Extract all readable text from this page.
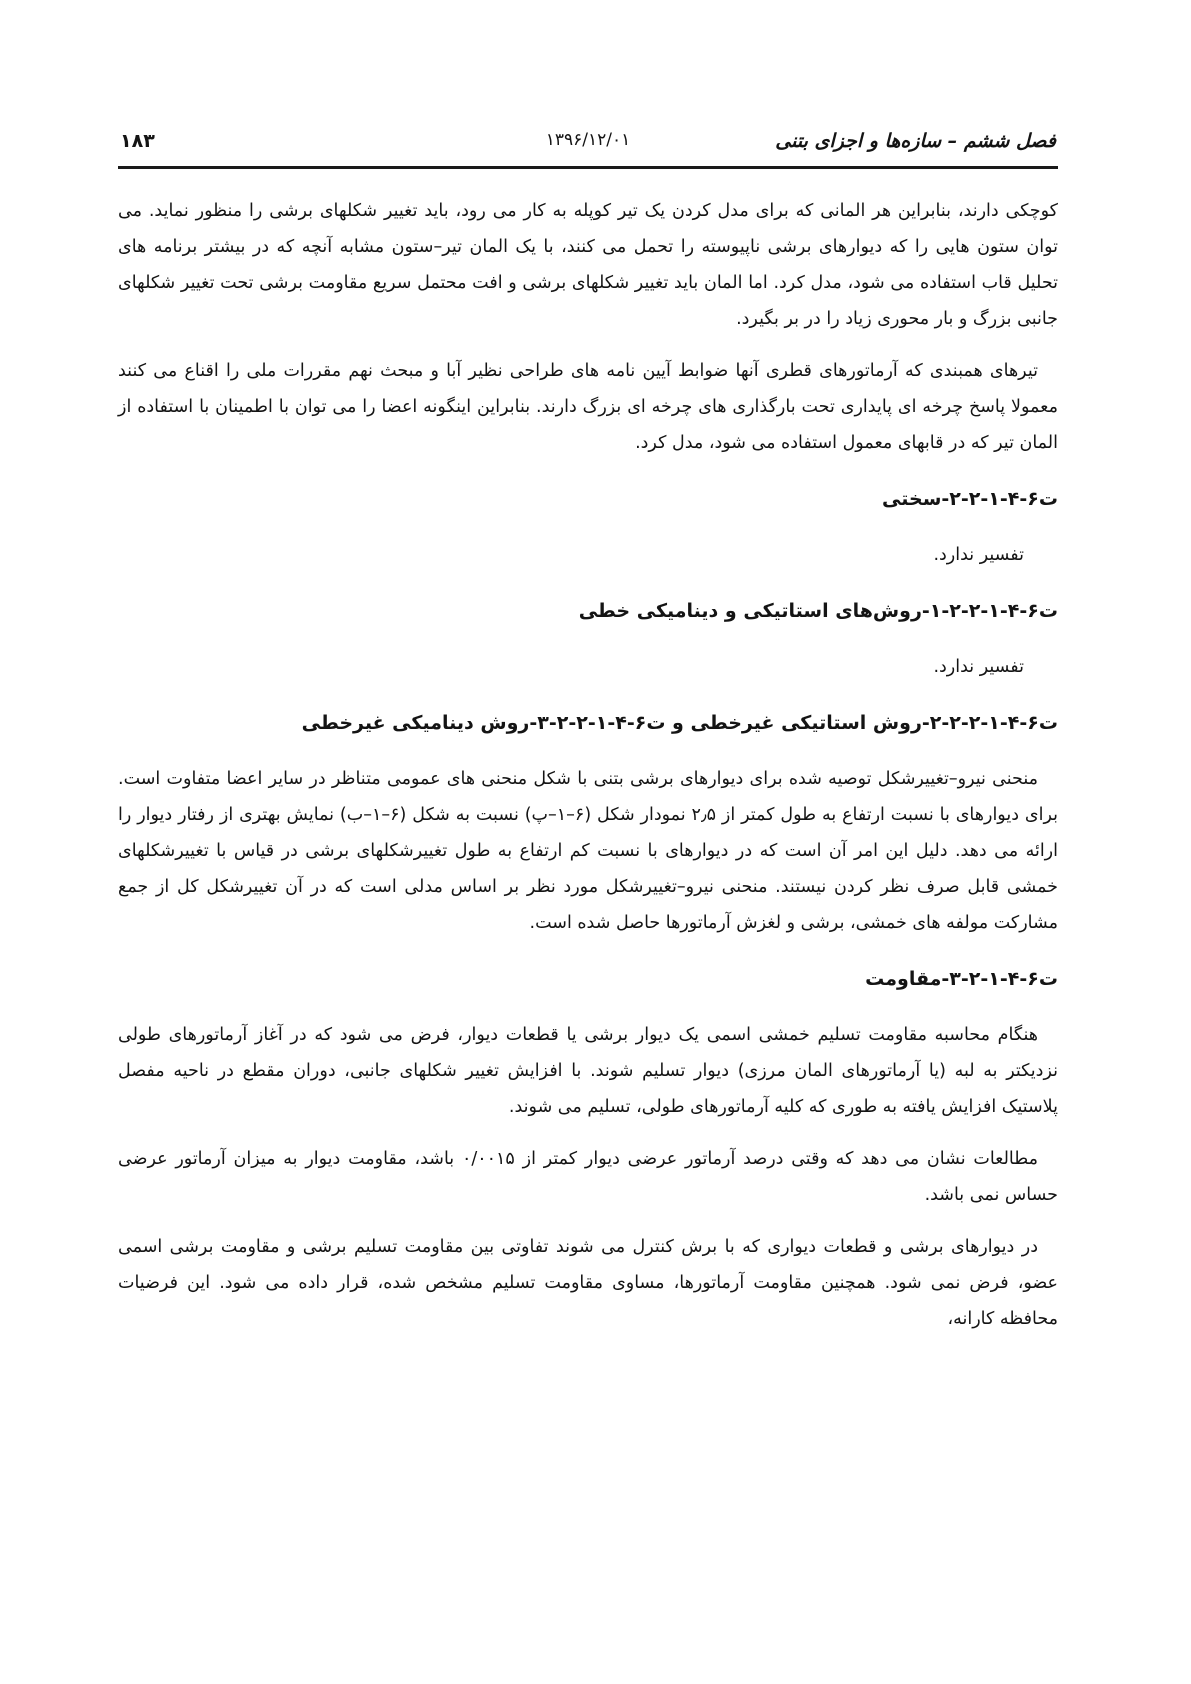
فصل ششم – سازه‌ها و اجزای بتنی
۱۳۹۶/۱۲/۰۱
۱۸۳

کوچکی دارند، بنابراین هر المانی که برای مدل کردن یک تیر کوپله به کار می رود، باید تغییر شکلهای برشی را منظور نماید. می توان ستون هایی را که دیوارهای برشی ناپیوسته را تحمل می کنند، با یک المان تیر–ستون مشابه آنچه که در بیشتر برنامه های تحلیل قاب استفاده می شود، مدل کرد. اما المان باید تغییر شکلهای برشی و افت محتمل سریع مقاومت برشی تحت تغییر شکلهای جانبی بزرگ و بار محوری زیاد را در بر بگیرد.

تیرهای همبندی که آرماتورهای قطری آنها ضوابط آیین نامه های طراحی نظیر آبا و مبحث نهم مقررات ملی را اقناع می کنند معمولا پاسخ چرخه ای پایداری تحت بارگذاری های چرخه ای بزرگ دارند. بنابراین اینگونه اعضا را می توان با اطمینان با استفاده از المان تیر که در قابهای معمول استفاده می شود، مدل کرد.

ت۶-۴-۱-۲-۲-سختی
تفسیر ندارد.
ت۶-۴-۱-۲-۲-۱-روش‌های استاتیکی و دینامیکی خطی
تفسیر ندارد.
ت۶-۴-۱-۲-۲-۲-روش استاتیکی غیرخطی و ت۶-۴-۱-۲-۲-۳-روش دینامیکی غیرخطی

منحنی نیرو–تغییرشکل توصیه شده برای دیوارهای برشی بتنی با شکل منحنی های عمومی متناظر در سایر اعضا متفاوت است. برای دیوارهای با نسبت ارتفاع به طول کمتر از ۲٫۵ نمودار شکل (۶–۱–پ) نسبت به شکل (۶–۱–ب) نمایش بهتری از رفتار دیوار را ارائه می دهد. دلیل این امر آن است که در دیوارهای با نسبت کم ارتفاع به طول تغییرشکلهای برشی در قیاس با تغییرشکلهای خمشی قابل صرف نظر کردن نیستند. منحنی نیرو–تغییرشکل مورد نظر بر اساس مدلی است که در آن تغییرشکل کل از جمع مشارکت مولفه های خمشی، برشی و لغزش آرماتورها حاصل شده است.

ت۶-۴-۱-۲-۳-مقاومت

هنگام محاسبه مقاومت تسلیم خمشی اسمی یک دیوار برشی یا قطعات دیوار، فرض می شود که در آغاز آرماتورهای طولی نزدیکتر به لبه (یا آرماتورهای المان مرزی) دیوار تسلیم شوند. با افزایش تغییر شکلهای جانبی، دوران مقطع در ناحیه مفصل پلاستیک افزایش یافته به طوری که کلیه آرماتورهای طولی، تسلیم می شوند.

مطالعات نشان می دهد که وقتی درصد آرماتور عرضی دیوار کمتر از ۰/۰۰۱۵ باشد، مقاومت دیوار به میزان آرماتور عرضی حساس نمی باشد.

در دیوارهای برشی و قطعات دیواری که با برش کنترل می شوند تفاوتی بین مقاومت تسلیم برشی و مقاومت برشی اسمی عضو، فرض نمی شود. همچنین مقاومت آرماتورها، مساوی مقاومت تسلیم مشخص شده، قرار داده می شود. این فرضیات محافظه کارانه،
